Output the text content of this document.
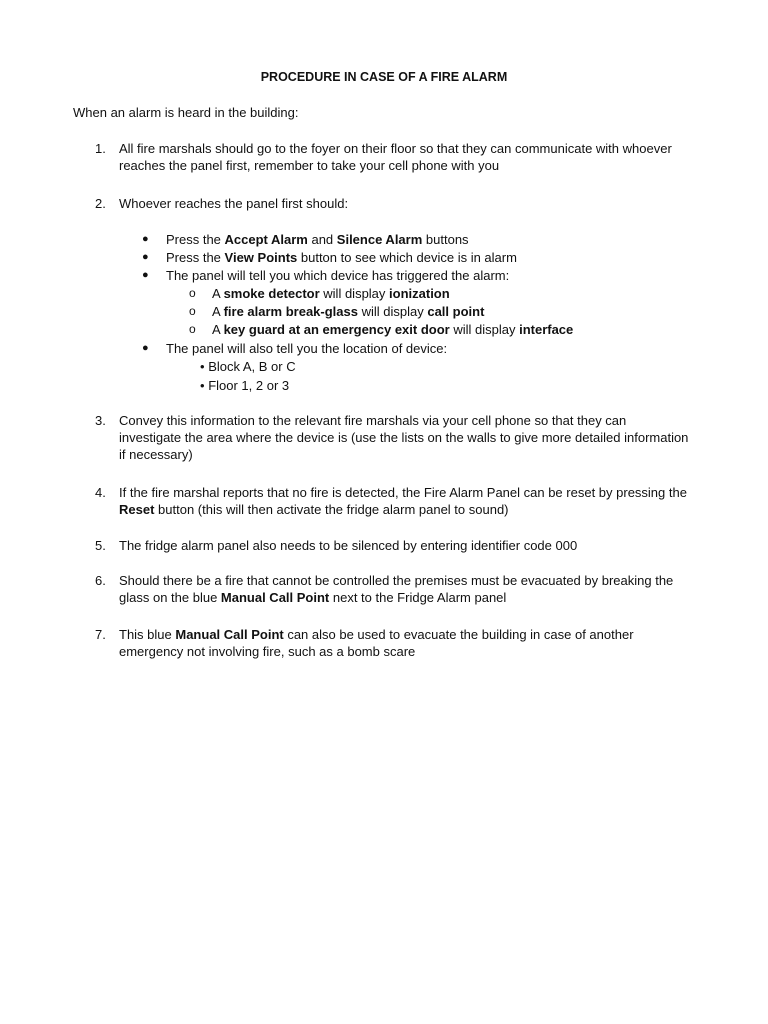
PROCEDURE IN CASE OF A FIRE ALARM
When an alarm is heard in the building:
1.	All fire marshals should go to the foyer on their floor so that they can communicate with whoever reaches the panel first, remember to take your cell phone with you
2.	Whoever reaches the panel first should:
● Press the Accept Alarm and Silence Alarm buttons
● Press the View Points button to see which device is in alarm
● The panel will tell you which device has triggered the alarm:
o A smoke detector will display ionization
o A fire alarm break-glass will display call point
o A key guard at an emergency exit door will display interface
● The panel will also tell you the location of device:
• Block A, B or C
• Floor 1, 2 or 3
3.	Convey this information to the relevant fire marshals via your cell phone so that they can investigate the area where the device is (use the lists on the walls to give more detailed information if necessary)
4.	If the fire marshal reports that no fire is detected, the Fire Alarm Panel can be reset by pressing the Reset button (this will then activate the fridge alarm panel to sound)
5.	The fridge alarm panel also needs to be silenced by entering identifier code 000
6.	Should there be a fire that cannot be controlled the premises must be evacuated by breaking the glass on the blue Manual Call Point next to the Fridge Alarm panel
7.	This blue Manual Call Point can also be used to evacuate the building in case of another emergency not involving fire, such as a bomb scare
